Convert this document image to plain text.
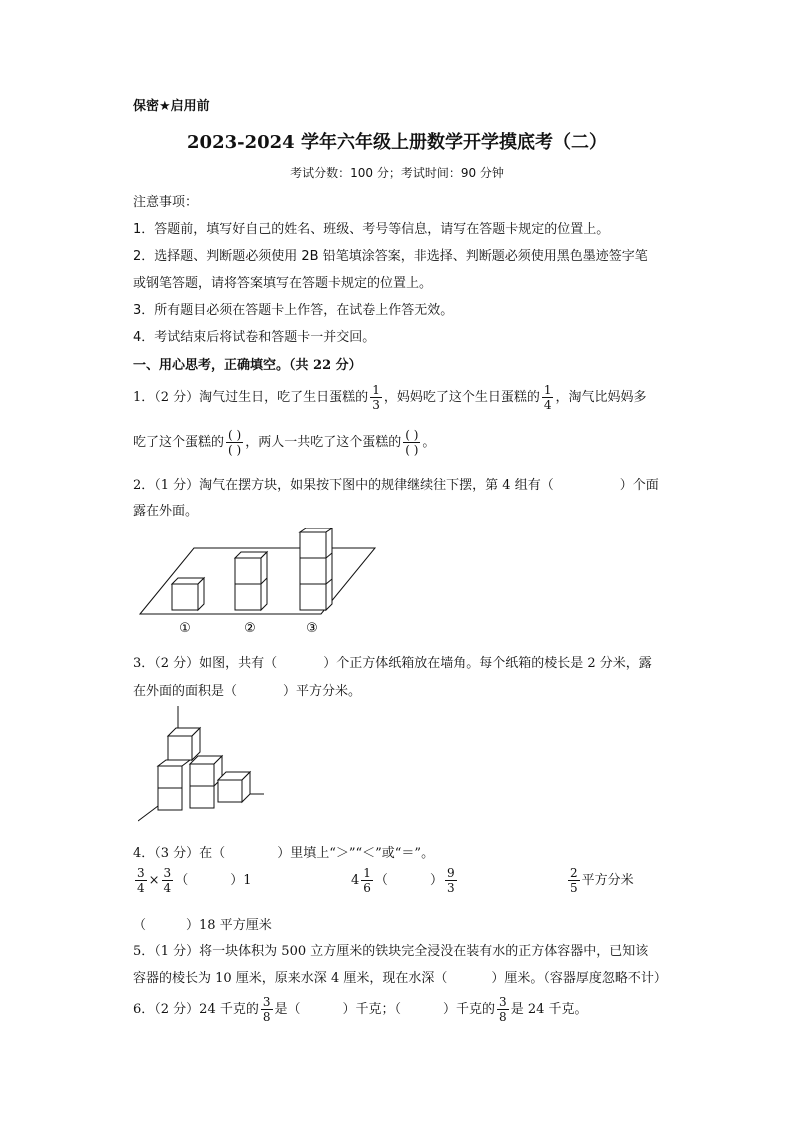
保密★启用前
2023-2024 学年六年级上册数学开学摸底考（二）
考试分数：100 分；考试时间：90 分钟
注意事项：
1．答题前，填写好自己的姓名、班级、考号等信息，请写在答题卡规定的位置上。
2．选择题、判断题必须使用 2B 铅笔填涂答案，非选择、判断题必须使用黑色墨迹签字笔
或钢笔答题，请将答案填写在答题卡规定的位置上。
3．所有题目必须在答题卡上作答，在试卷上作答无效。
4．考试结束后将试卷和答题卡一并交回。
一、用心思考，正确填空。（共 22 分）
1．（2 分）淘气过生日，吃了生日蛋糕的 $\frac{1}{3}$ ，妈妈吃了这个生日蛋糕的 $\frac{1}{4}$ ，淘气比妈妈多
吃了这个蛋糕的 $\frac{( )}{( )}$ ，两人一共吃了这个蛋糕的 $\frac{( )}{( )}$ 。
2．（1 分）淘气在摆方块，如果按下图中的规律继续往下摆，第 4 组有（	）个面
露在外面。
①	②	③
3．（2 分）如图，共有（	）个正方体纸箱放在墙角。每个纸箱的棱长是 2 分米，露
在外面的面积是（	）平方分米。
4．（3 分）在（	）里填上“＞”“＜”或“＝”。
$\frac{3}{4} \times \frac{3}{4}$ （	）1	$4 \frac{1}{6}$ （	） $\frac{9}{3}$	$\frac{2}{5}$ 平方分米
（	）18 平方厘米
5．（1 分）将一块体积为 500 立方厘米的铁块完全浸没在装有水的正方体容器中，已知该
容器的棱长为 10 厘米，原来水深 4 厘米，现在水深（	）厘米。（容器厚度忽略不计）
6．（2 分）24 千克的 $\frac{3}{8}$ 是（	）千克；（	）千克的 $\frac{3}{8}$ 是 24 千克。
